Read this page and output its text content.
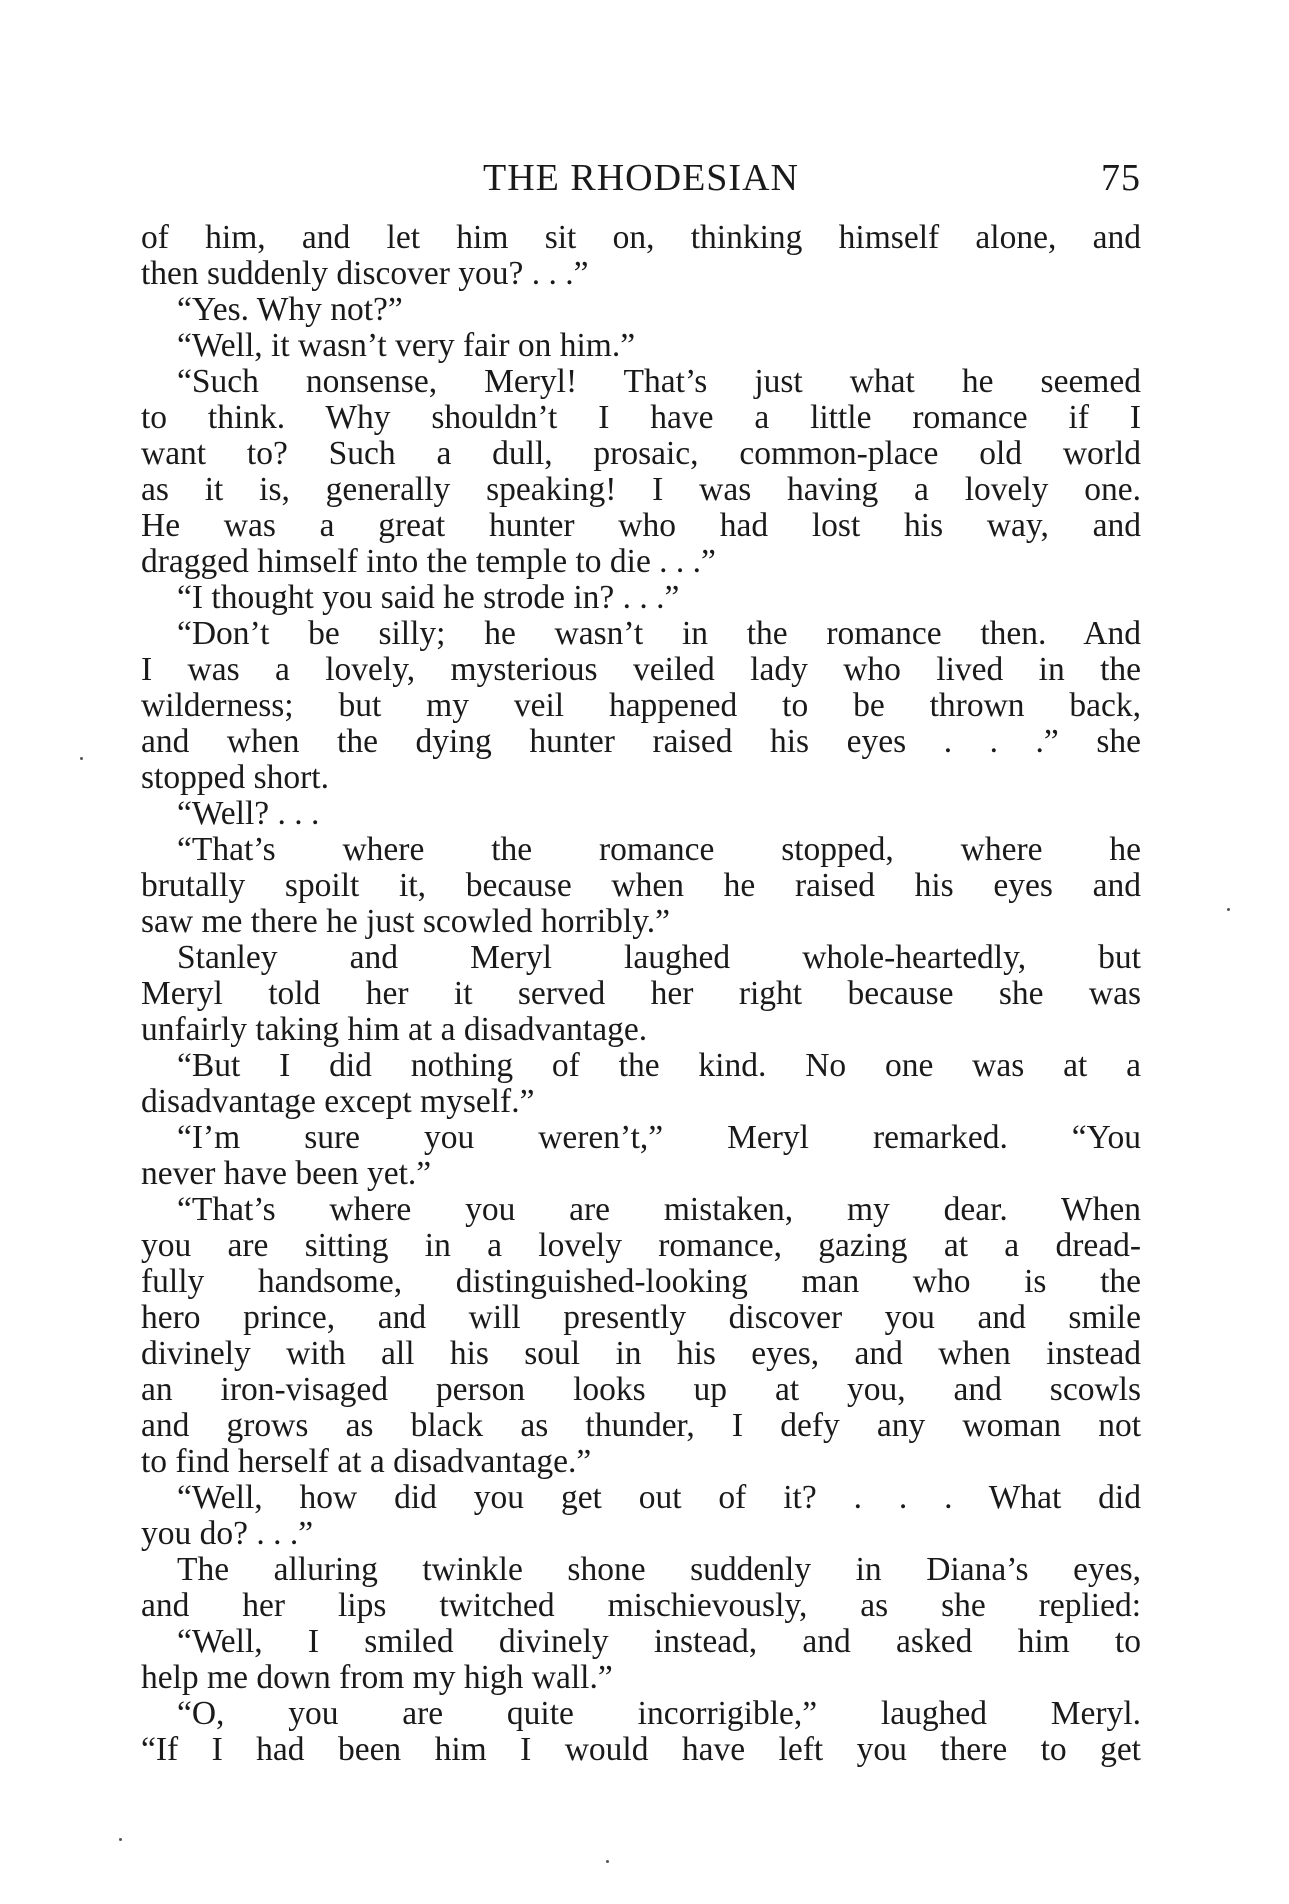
THE RHODESIAN	75
of him, and let him sit on, thinking himself alone, and
then suddenly discover you? . . .”
“Yes. Why not?”
“Well, it wasn’t very fair on him.”
“Such nonsense, Meryl! That’s just what he seemed
to think. Why shouldn’t I have a little romance if I
want to? Such a dull, prosaic, common-place old world
as it is, generally speaking! I was having a lovely one.
He was a great hunter who had lost his way, and
dragged himself into the temple to die . . .”
“I thought you said he strode in? . . .”
“Don’t be silly; he wasn’t in the romance then. And
I was a lovely, mysterious veiled lady who lived in the
wilderness; but my veil happened to be thrown back,
and when the dying hunter raised his eyes . . .” she
stopped short.
“Well? . . .
“That’s where the romance stopped, where he
brutally spoilt it, because when he raised his eyes and
saw me there he just scowled horribly.”
Stanley and Meryl laughed whole-heartedly, but
Meryl told her it served her right because she was
unfairly taking him at a disadvantage.
“But I did nothing of the kind. No one was at a
disadvantage except myself.”
“I’m sure you weren’t,” Meryl remarked. “You
never have been yet.”
“That’s where you are mistaken, my dear. When
you are sitting in a lovely romance, gazing at a dread-
fully handsome, distinguished-looking man who is the
hero prince, and will presently discover you and smile
divinely with all his soul in his eyes, and when instead
an iron-visaged person looks up at you, and scowls
and grows as black as thunder, I defy any woman not
to find herself at a disadvantage.”
“Well, how did you get out of it? . . . What did
you do? . . .”
The alluring twinkle shone suddenly in Diana’s eyes,
and her lips twitched mischievously, as she replied:
“Well, I smiled divinely instead, and asked him to
help me down from my high wall.”
“O, you are quite incorrigible,” laughed Meryl.
“If I had been him I would have left you there to get
